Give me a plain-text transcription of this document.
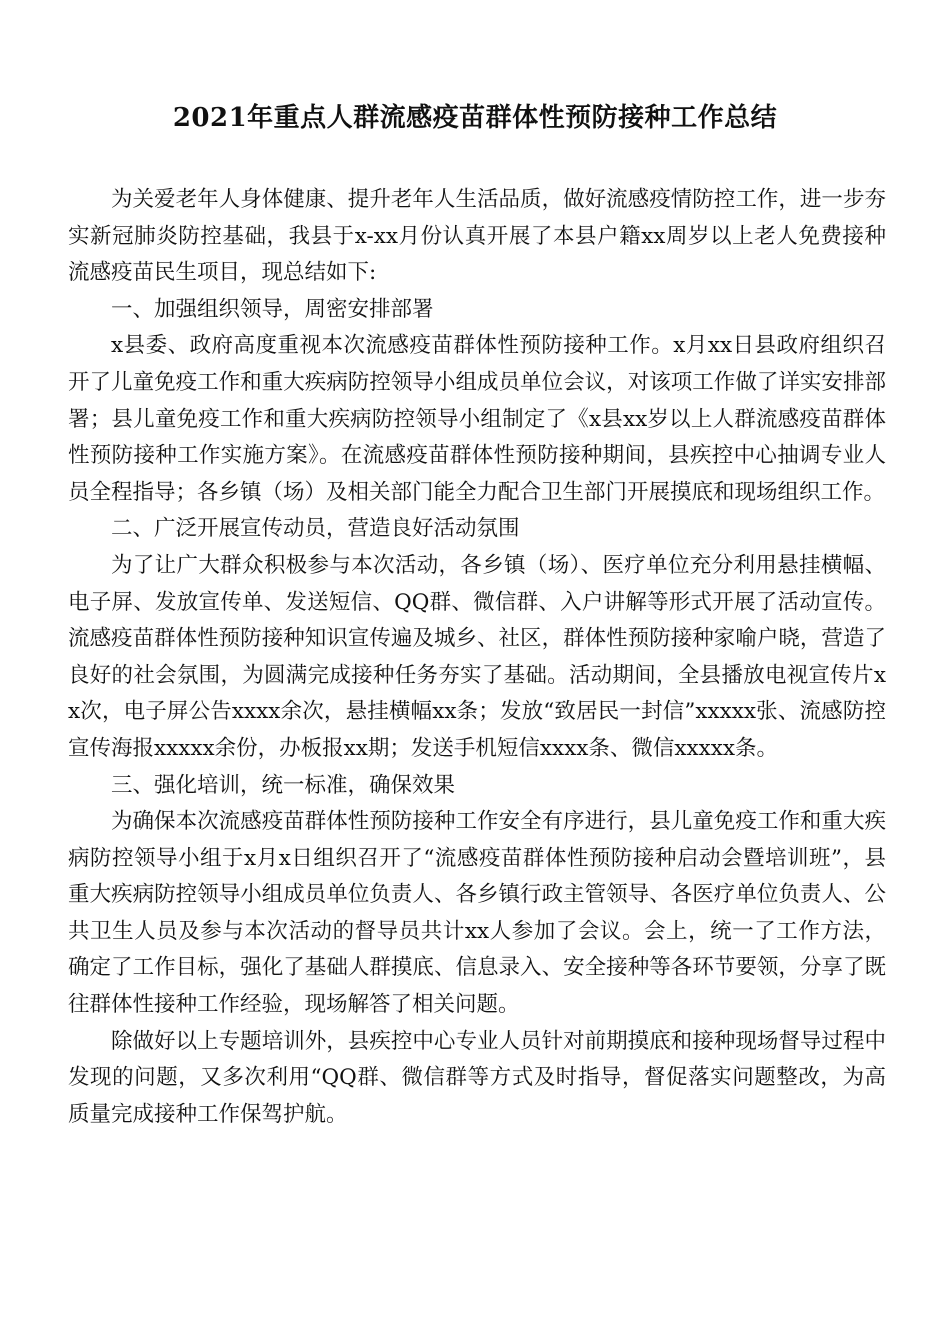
2021年重点人群流感疫苗群体性预防接种工作总结

为关爱老年人身体健康、提升老年人生活品质，做好流感疫情防控工作，进一步夯实新冠肺炎防控基础，我县于x-xx月份认真开展了本县户籍xx周岁以上老人免费接种流感疫苗民生项目，现总结如下:

一、加强组织领导，周密安排部署

x县委、政府高度重视本次流感疫苗群体性预防接种工作。x月xx日县政府组织召开了儿童免疫工作和重大疾病防控领导小组成员单位会议，对该项工作做了详实安排部署；县儿童免疫工作和重大疾病防控领导小组制定了《x县xx岁以上人群流感疫苗群体性预防接种工作实施方案》。在流感疫苗群体性预防接种期间，县疾控中心抽调专业人员全程指导；各乡镇（场）及相关部门能全力配合卫生部门开展摸底和现场组织工作。

二、广泛开展宣传动员，营造良好活动氛围

为了让广大群众积极参与本次活动，各乡镇（场）、医疗单位充分利用悬挂横幅、电子屏、发放宣传单、发送短信、QQ群、微信群、入户讲解等形式开展了活动宣传。流感疫苗群体性预防接种知识宣传遍及城乡、社区，群体性预防接种家喻户晓，营造了良好的社会氛围，为圆满完成接种任务夯实了基础。活动期间，全县播放电视宣传片xx次，电子屏公告xxxx余次，悬挂横幅xx条；发放“致居民一封信”xxxxx张、流感防控宣传海报xxxxx余份，办板报xx期；发送手机短信xxxx条、微信xxxxx条。

三、强化培训，统一标准，确保效果

为确保本次流感疫苗群体性预防接种工作安全有序进行，县儿童免疫工作和重大疾病防控领导小组于x月x日组织召开了“流感疫苗群体性预防接种启动会暨培训班”，县重大疾病防控领导小组成员单位负责人、各乡镇行政主管领导、各医疗单位负责人、公共卫生人员及参与本次活动的督导员共计xx人参加了会议。会上，统一了工作方法，确定了工作目标，强化了基础人群摸底、信息录入、安全接种等各环节要领，分享了既往群体性接种工作经验，现场解答了相关问题。

除做好以上专题培训外，县疾控中心专业人员针对前期摸底和接种现场督导过程中发现的问题，又多次利用“QQ群、微信群等方式及时指导，督促落实问题整改，为高质量完成接种工作保驾护航。
